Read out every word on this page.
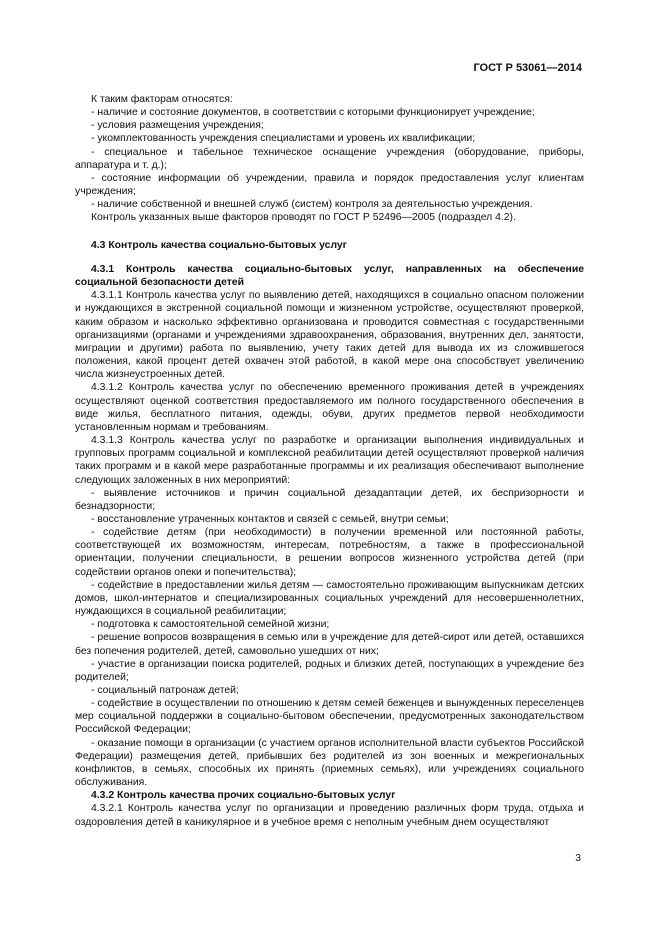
ГОСТ Р 53061—2014

К таким факторам относятся:

- наличие и состояние документов, в соответствии с которыми функционирует учреждение;

- условия размещения учреждения;

- укомплектованность учреждения специалистами и уровень их квалификации;

- специальное и табельное техническое оснащение учреждения (оборудование, приборы, аппаратура и т. д.);

- состояние информации об учреждении, правила и порядок предоставления услуг клиентам учреждения;

- наличие собственной и внешней служб (систем) контроля за деятельностью учреждения.

Контроль указанных выше факторов проводят по ГОСТ Р 52496—2005 (подраздел 4.2).

4.3 Контроль качества социально-бытовых услуг

4.3.1 Контроль качества социально-бытовых услуг, направленных на обеспечение социальной безопасности детей

4.3.1.1 Контроль качества услуг по выявлению детей, находящихся в социально опасном положении и нуждающихся в экстренной социальной помощи и жизненном устройстве, осуществляют проверкой, каким образом и насколько эффективно организована и проводится совместная с государственными организациями (органами и учреждениями здравоохранения, образования, внутренних дел, занятости, миграции и другими) работа по выявлению, учету таких детей для вывода их из сложившегося положения, какой процент детей охвачен этой работой, в какой мере она способствует увеличению числа жизнеустроенных детей.

4.3.1.2 Контроль качества услуг по обеспечению временного проживания детей в учреждениях осуществляют оценкой соответствия предоставляемого им полного государственного обеспечения в виде жилья, бесплатного питания, одежды, обуви, других предметов первой необходимости установленным нормам и требованиям.

4.3.1.3 Контроль качества услуг по разработке и организации выполнения индивидуальных и групповых программ социальной и комплексной реабилитации детей осуществляют проверкой наличия таких программ и в какой мере разработанные программы и их реализация обеспечивают выполнение следующих заложенных в них мероприятий:

- выявление источников и причин социальной дезадаптации детей, их беспризорности и безнадзорности;

- восстановление утраченных контактов и связей с семьей, внутри семьи;

- содействие детям (при необходимости) в получении временной или постоянной работы, соответствующей их возможностям, интересам, потребностям, а также в профессиональной ориентации, получении специальности, в решении вопросов жизненного устройства детей (при содействии органов опеки и попечительства);

- содействие в предоставлении жилья детям — самостоятельно проживающим выпускникам детских домов, школ-интернатов и специализированных социальных учреждений для несовершеннолетних, нуждающихся в социальной реабилитации;

- подготовка к самостоятельной семейной жизни;

- решение вопросов возвращения в семью или в учреждение для детей-сирот или детей, оставшихся без попечения родителей, детей, самовольно ушедших от них;

- участие в организации поиска родителей, родных и близких детей, поступающих в учреждение без родителей;

- социальный патронаж детей;

- содействие в осуществлении по отношению к детям семей беженцев и вынужденных переселенцев мер социальной поддержки в социально-бытовом обеспечении, предусмотренных законодательством Российской Федерации;

- оказание помощи в организации (с участием органов исполнительной власти субъектов Российской Федерации) размещения детей, прибывших без родителей из зон военных и межрегиональных конфликтов, в семьях, способных их принять (приемных семьях), или учреждениях социального обслуживания.

4.3.2 Контроль качества прочих социально-бытовых услуг

4.3.2.1 Контроль качества услуг по организации и проведению различных форм труда, отдыха и оздоровления детей в каникулярное и в учебное время с неполным учебным днем осуществляют

3
